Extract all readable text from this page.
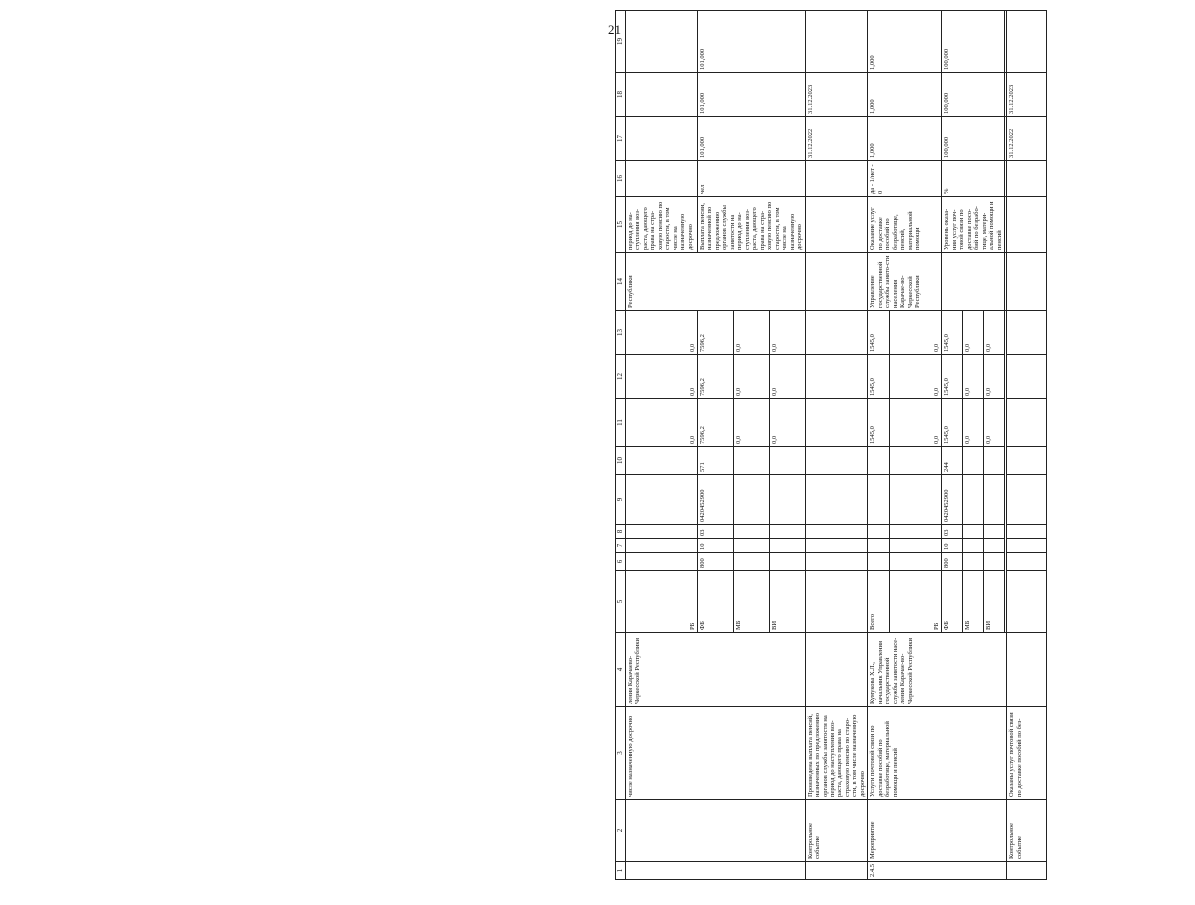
21
1	2	3	4	5	6	7	8	9	10	11	12	13	14	15	16	17	18	19
		числе назначенную досрочно	ления Карачаево-Черкесской Республики	РБ						0,0	0,0	0,0	Республики	период до на-ступления воз-раста, дающего права на стра-ховую пенсию по старости, в том числе на назначенную досрочно				
				ФБ	800	10	03	0420452900	571	7596,2	7596,2	7596,2		Выплата пенсии, назначенной по предложению органов службы занятости на период до на-ступления воз-раста, дающего права на стра-ховую пенсию по старости, в том числе на назначенную досрочно	чел	101,000	101,000	101,000
				МБ						0,0	0,0	0,0						
				ВИ						0,0	0,0	0,0						
	Контрольное событие	Произведена выплата пенсий, назначенных по предложению органов службы занятости на период до наступления воз-раста, дающего права на страховую пенсию по старо-сти, в том числе назначенную досрочно														31.12.2022	31.12.2023	
2.4.5	Мероприятие	Услуги почтовой связи по доставке пособий по безработице, материальной помощи и пенсий	Кумукова Х.Л., начальник Управления государственной службы занятости насе-ления Карачае-во-Черкесской Республики	Всего						1545,0	1545,0	1545,0	Управление государственной службы занято-сти населения Карачае-во-Черкесской Республики	Оказание услуг по доставке пособий по безработице, пенсий, материальной помощи	да - 1/нет - 0	1,000	1,000	1,000
				РБ						0,0	0,0	0,0						
				ФБ	800	10	03	0420452900	244	1545,0	1545,0	1545,0		Уровень оказа-ния услуг поч-товой связи по доставке посо-бий по безрабо-тице, матери-альной помощи и пенсий	%	100,000	100,000	100,000
				МБ						0,0	0,0	0,0						
				ВИ						0,0	0,0	0,0						

	Контрольное событие	Оказаны услуг почтовой связи по доставке пособий по без-														31.12.2022	31.12.2023	
